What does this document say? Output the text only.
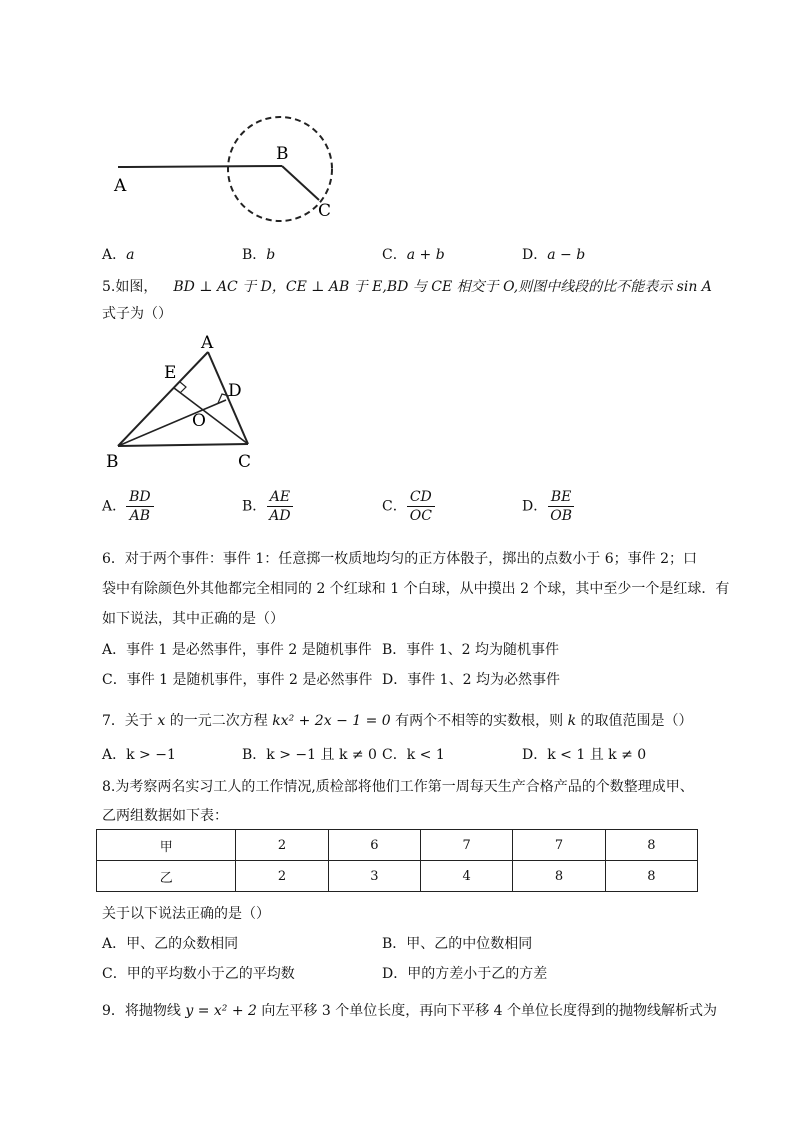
A
B
C
A．a	B．b	C．a + b	D．a − b
5.如图， BD ⊥ AC 于 D，CE ⊥ AB 于 E,BD 与 CE 相交于 O,则图中线段的比不能表示 sin A
式子为（）
A
E
D
O
B	C
A． $\frac{BD}{AB}$	B． $\frac{AE}{AD}$	C． $\frac{CD}{OC}$	D． $\frac{BE}{OB}$
6．对于两个事件：事件 1：任意掷一枚质地均匀的正方体骰子，掷出的点数小于 6；事件 2；口
袋中有除颜色外其他都完全相同的 2 个红球和 1 个白球，从中摸出 2 个球，其中至少一个是红球．有
如下说法，其中正确的是（）
A．事件 1 是必然事件，事件 2 是随机事件 B．事件 1、2 均为随机事件
C．事件 1 是随机事件，事件 2 是必然事件 D．事件 1、2 均为必然事件
7．关于 x 的一元二次方程 kx² + 2x − 1 = 0 有两个不相等的实数根，则 k 的取值范围是（）
A．k > −1	B．k > −1 且 k ≠ 0 C．k < 1	D．k < 1 且 k ≠ 0
8.为考察两名实习工人的工作情况,质检部将他们工作第一周每天生产合格产品的个数整理成甲、
乙两组数据如下表：
甲	2	6	7	7	8
乙	2	3	4	8	8
关于以下说法正确的是（）
A．甲、乙的众数相同	B．甲、乙的中位数相同
C．甲的平均数小于乙的平均数	D．甲的方差小于乙的方差
9．将抛物线 y = x² + 2 向左平移 3 个单位长度，再向下平移 4 个单位长度得到的抛物线解析式为
